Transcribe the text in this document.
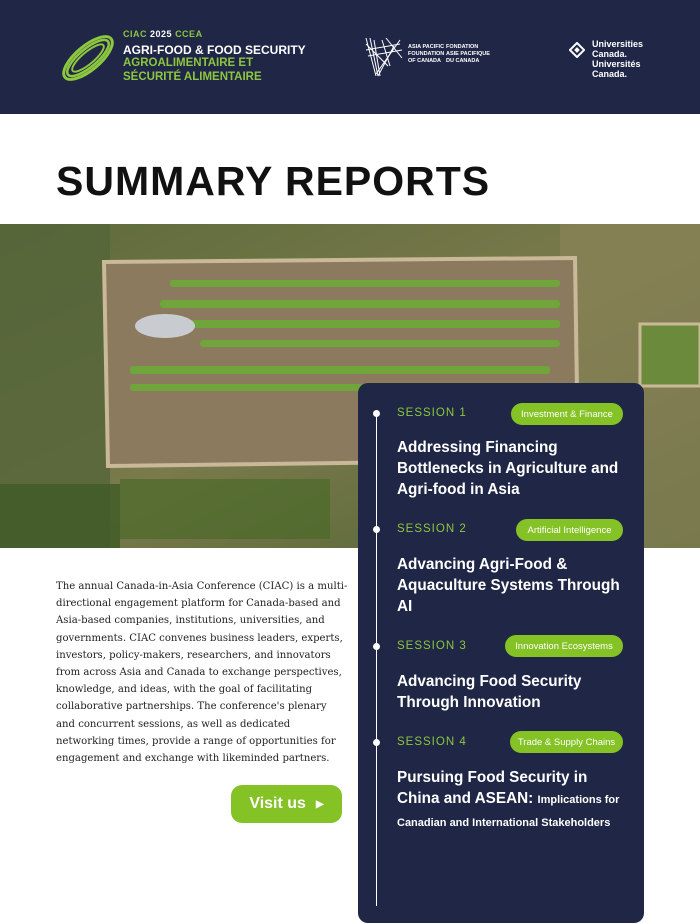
CIAC 2025 CCEA
AGRI-FOOD & FOOD SECURITY
AGROALIMENTAIRE ET
SÉCURITÉ ALIMENTAIRE
ASIA PACIFIC
FOUNDATION
OF CANADA
FONDATION
ASIE PACIFIQUE
DU CANADA
Universities
Canada.
Universités
Canada.
SUMMARY REPORTS

The annual Canada-in-Asia Conference (CIAC) is a multi-directional engagement platform for Canada-based and Asia-based companies, institutions, universities, and governments. CIAC convenes business leaders, experts, investors, policy-makers, researchers, and innovators from across Asia and Canada to exchange perspectives, knowledge, and ideas, with the goal of facilitating collaborative partnerships. The conference's plenary and concurrent sessions, as well as dedicated networking times, provide a range of opportunities for engagement and exchange with likeminded partners.

Visit us ▶
SESSION 1	Investment & Finance

Addressing Financing Bottlenecks in Agriculture and Agri-food in Asia

SESSION 2	Artificial Intelligence

Advancing Agri-Food & Aquaculture Systems Through AI

SESSION 3	Innovation Ecosystems

Advancing Food Security Through Innovation

SESSION 4	Trade & Supply Chains

Pursuing Food Security in China and ASEAN: Implications for Canadian and International Stakeholders
